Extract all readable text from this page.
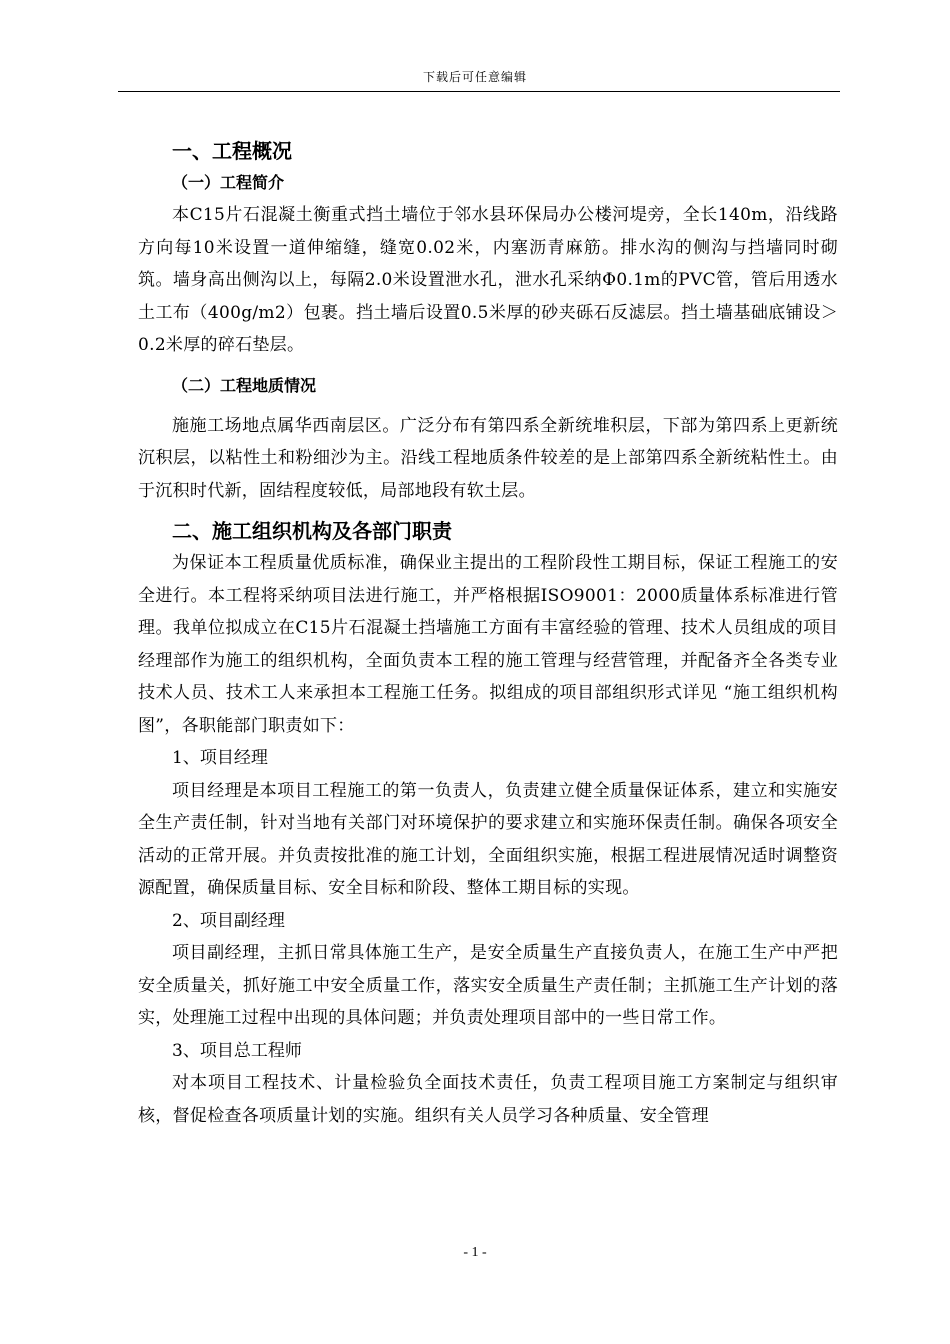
下载后可任意编辑
一、工程概况
（一）工程简介

本C15片石混凝土衡重式挡土墙位于邻水县环保局办公楼河堤旁，全长140m，沿线路方向每10米设置一道伸缩缝，缝宽0.02米，内塞沥青麻筋。排水沟的侧沟与挡墙同时砌筑。墙身高出侧沟以上，每隔2.0米设置泄水孔，泄水孔采纳Φ0.1m的PVC管，管后用透水土工布（400g/m2）包裹。挡土墙后设置0.5米厚的砂夹砾石反滤层。挡土墙基础底铺设＞0.2米厚的碎石垫层。

（二）工程地质情况

施施工场地点属华西南层区。广泛分布有第四系全新统堆积层，下部为第四系上更新统沉积层，以粘性土和粉细沙为主。沿线工程地质条件较差的是上部第四系全新统粘性土。由于沉积时代新，固结程度较低，局部地段有软土层。

二、施工组织机构及各部门职责

为保证本工程质量优质标准，确保业主提出的工程阶段性工期目标，保证工程施工的安全进行。本工程将采纳项目法进行施工，并严格根据ISO9001：2000质量体系标准进行管理。我单位拟成立在C15片石混凝土挡墙施工方面有丰富经验的管理、技术人员组成的项目经理部作为施工的组织机构，全面负责本工程的施工管理与经营管理，并配备齐全各类专业技术人员、技术工人来承担本工程施工任务。拟组成的项目部组织形式详见 “施工组织机构图”，各职能部门职责如下：

1、项目经理

项目经理是本项目工程施工的第一负责人，负责建立健全质量保证体系，建立和实施安全生产责任制，针对当地有关部门对环境保护的要求建立和实施环保责任制。确保各项安全活动的正常开展。并负责按批准的施工计划，全面组织实施，根据工程进展情况适时调整资源配置，确保质量目标、安全目标和阶段、整体工期目标的实现。

2、项目副经理

项目副经理，主抓日常具体施工生产，是安全质量生产直接负责人，在施工生产中严把安全质量关，抓好施工中安全质量工作，落实安全质量生产责任制；主抓施工生产计划的落实，处理施工过程中出现的具体问题；并负责处理项目部中的一些日常工作。

3、项目总工程师

对本项目工程技术、计量检验负全面技术责任，负责工程项目施工方案制定与组织审核，督促检查各项质量计划的实施。组织有关人员学习各种质量、安全管理

- 1 -
